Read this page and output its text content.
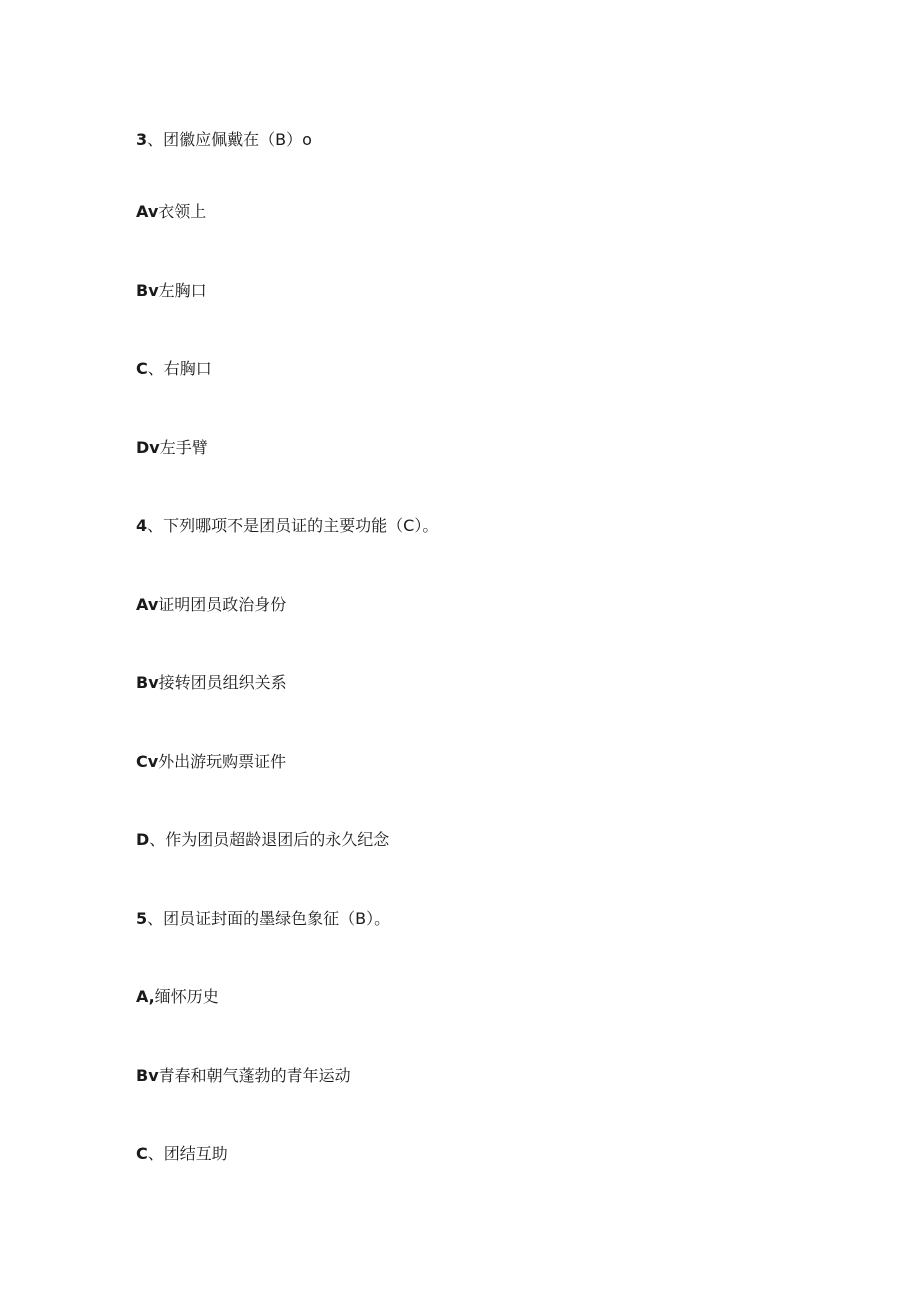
3、团徽应佩戴在（B）o
Av衣领上
Bv左胸口
C、右胸口
Dv左手臂
4、下列哪项不是团员证的主要功能（C）。
Av证明团员政治身份
Bv接转团员组织关系
Cv外出游玩购票证件
D、作为团员超龄退团后的永久纪念
5、团员证封面的墨绿色象征（B）。
A,缅怀历史
Bv青春和朝气蓬勃的青年运动
C、团结互助
